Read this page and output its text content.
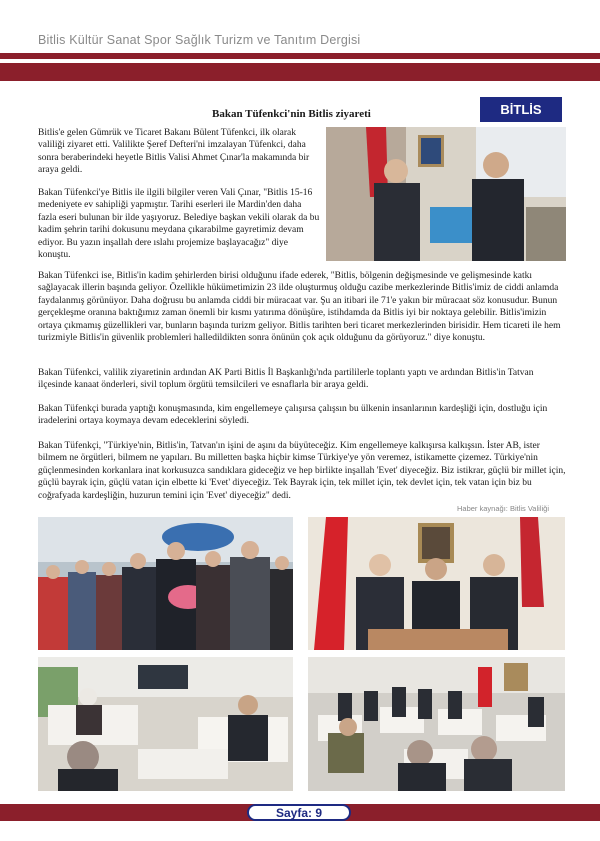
Bitlis Kültür Sanat Spor Sağlık Turizm ve Tanıtım Dergisi
Bakan Tüfenkci'nin Bitlis ziyareti	BİTLİS

Bitlis'e gelen Gümrük ve Ticaret Bakanı Bülent Tüfenkci, ilk olarak valiliği ziyaret etti. Valilikte Şeref Defteri'ni imzalayan Tüfenkci, daha sonra beraberindeki heyetle Bitlis Valisi Ahmet Çınar'la makamında bir araya geldi.

Bakan Tüfenkci'ye Bitlis ile ilgili bilgiler veren Vali Çınar, "Bitlis 15-16 medeniyete ev sahipliği yapmıştır. Tarihi eserleri ile Mardin'den daha fazla eseri bulunan bir ilde yaşıyoruz. Belediye başkan vekili olarak da bu kadim şehrin tarihi dokusunu meydana çıkarabilme gayretimiz devam ediyor. Bu yazın inşallah dere ıslahı projemize başlayacağız" diye konuştu.

Bakan Tüfenkci ise, Bitlis'in kadim şehirlerden birisi olduğunu ifade ederek, "Bitlis, bölgenin değişmesinde ve gelişmesinde katkı sağlayacak illerin başında geliyor. Özellikle hükümetimizin 23 ilde oluşturmuş olduğu cazibe merkezlerinde Bitlis'imiz de ciddi anlamda faydalanmış görünüyor. Daha doğrusu bu anlamda ciddi bir müracaat var. Şu an itibari ile 71'e yakın bir müracaat söz konusudur. Bunun gerçekleşme oranına baktığımız zaman önemli bir kısmı yatırıma dönüşüre, istihdamda da Bitlis iyi bir noktaya gelebilir. Bitlis'imizin ortaya çıkmamış güzellikleri var, bunların başında turizm geliyor. Bitlis tarihten beri ticaret merkezlerinden birisidir. Hem ticareti ile hem turizmiyle Bitlis'in güvenlik problemleri halledildikten sonra önünün çok açık olduğunu da görüyoruz." diye konuştu.

Bakan Tüfenkci, valilik ziyaretinin ardından AK Parti Bitlis İl Başkanlığı'nda partililerle toplantı yaptı ve ardından Bitlis'in Tatvan ilçesinde kanaat önderleri, sivil toplum örgütü temsilcileri ve esnaflarla bir araya geldi.

Bakan Tüfenkçi burada yaptığı konuşmasında, kim engellemeye çalışırsa çalışsın bu ülkenin insanlarının kardeşliği için, dostluğu için iradelerini ortaya koymaya devam edeceklerini söyledi.

Bakan Tüfenkçi, "Türkiye'nin, Bitlis'in, Tatvan'ın işini de aşını da büyüteceğiz. Kim engellemeye kalkışırsa kalkışsın. İster AB, ister bilmem ne örgütleri, bilmem ne yapıları. Bu milletten başka hiçbir kimse Türkiye'ye yön veremez, istikamette çizemez. Türkiye'nin güçlenmesinden korkanlara inat korkusuzca sandıklara gideceğiz ve hep birlikte inşallah 'Evet' diyeceğiz. Biz istikrar, güçlü bir millet için, güçlü bayrak için, güçlü vatan için elbette ki 'Evet' diyeceğiz. Tek Bayrak için, tek millet için, tek devlet için, tek vatan için biz bu coğrafyada kardeşliğin, huzurun temini için 'Evet' diyeceğiz" dedi.

Haber kaynağı: Bitlis Valiliği
Sayfa: 9
